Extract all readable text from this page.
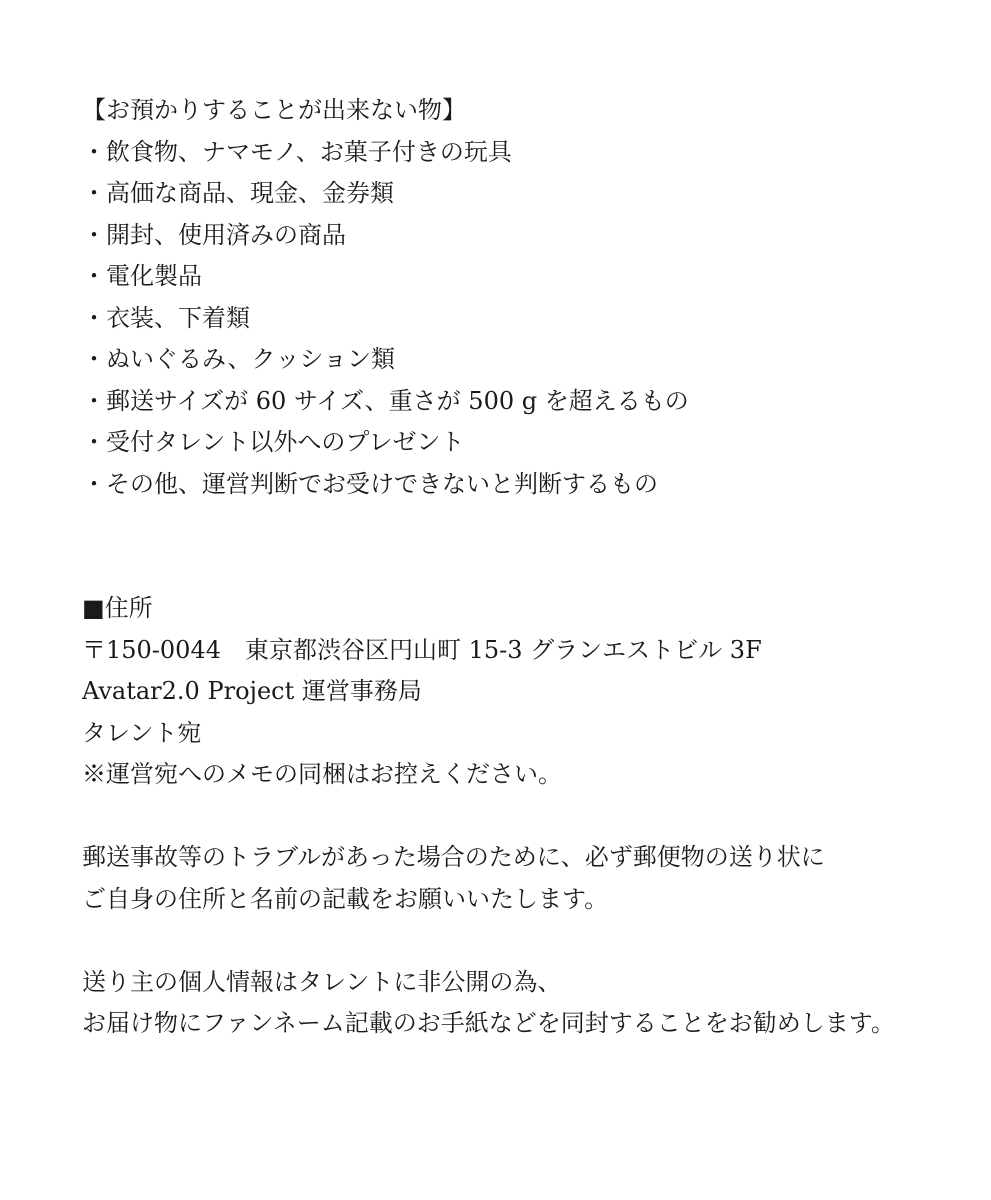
【お預かりすることが出来ない物】

・飲食物、ナマモノ、お菓子付きの玩具

・高価な商品、現金、金券類

・開封、使用済みの商品

・電化製品

・衣装、下着類

・ぬいぐるみ、クッション類

・郵送サイズが 60 サイズ、重さが 500 g を超えるもの

・受付タレント以外へのプレゼント

・その他、運営判断でお受けできないと判断するもの

■住所

〒150-0044　東京都渋谷区円山町 15-3 グランエストビル 3F

Avatar2.0 Project 運営事務局

タレント宛

※運営宛へのメモの同梱はお控えください。

郵送事故等のトラブルがあった場合のために、必ず郵便物の送り状に

ご自身の住所と名前の記載をお願いいたします。

送り主の個人情報はタレントに非公開の為、

お届け物にファンネーム記載のお手紙などを同封することをお勧めします。
